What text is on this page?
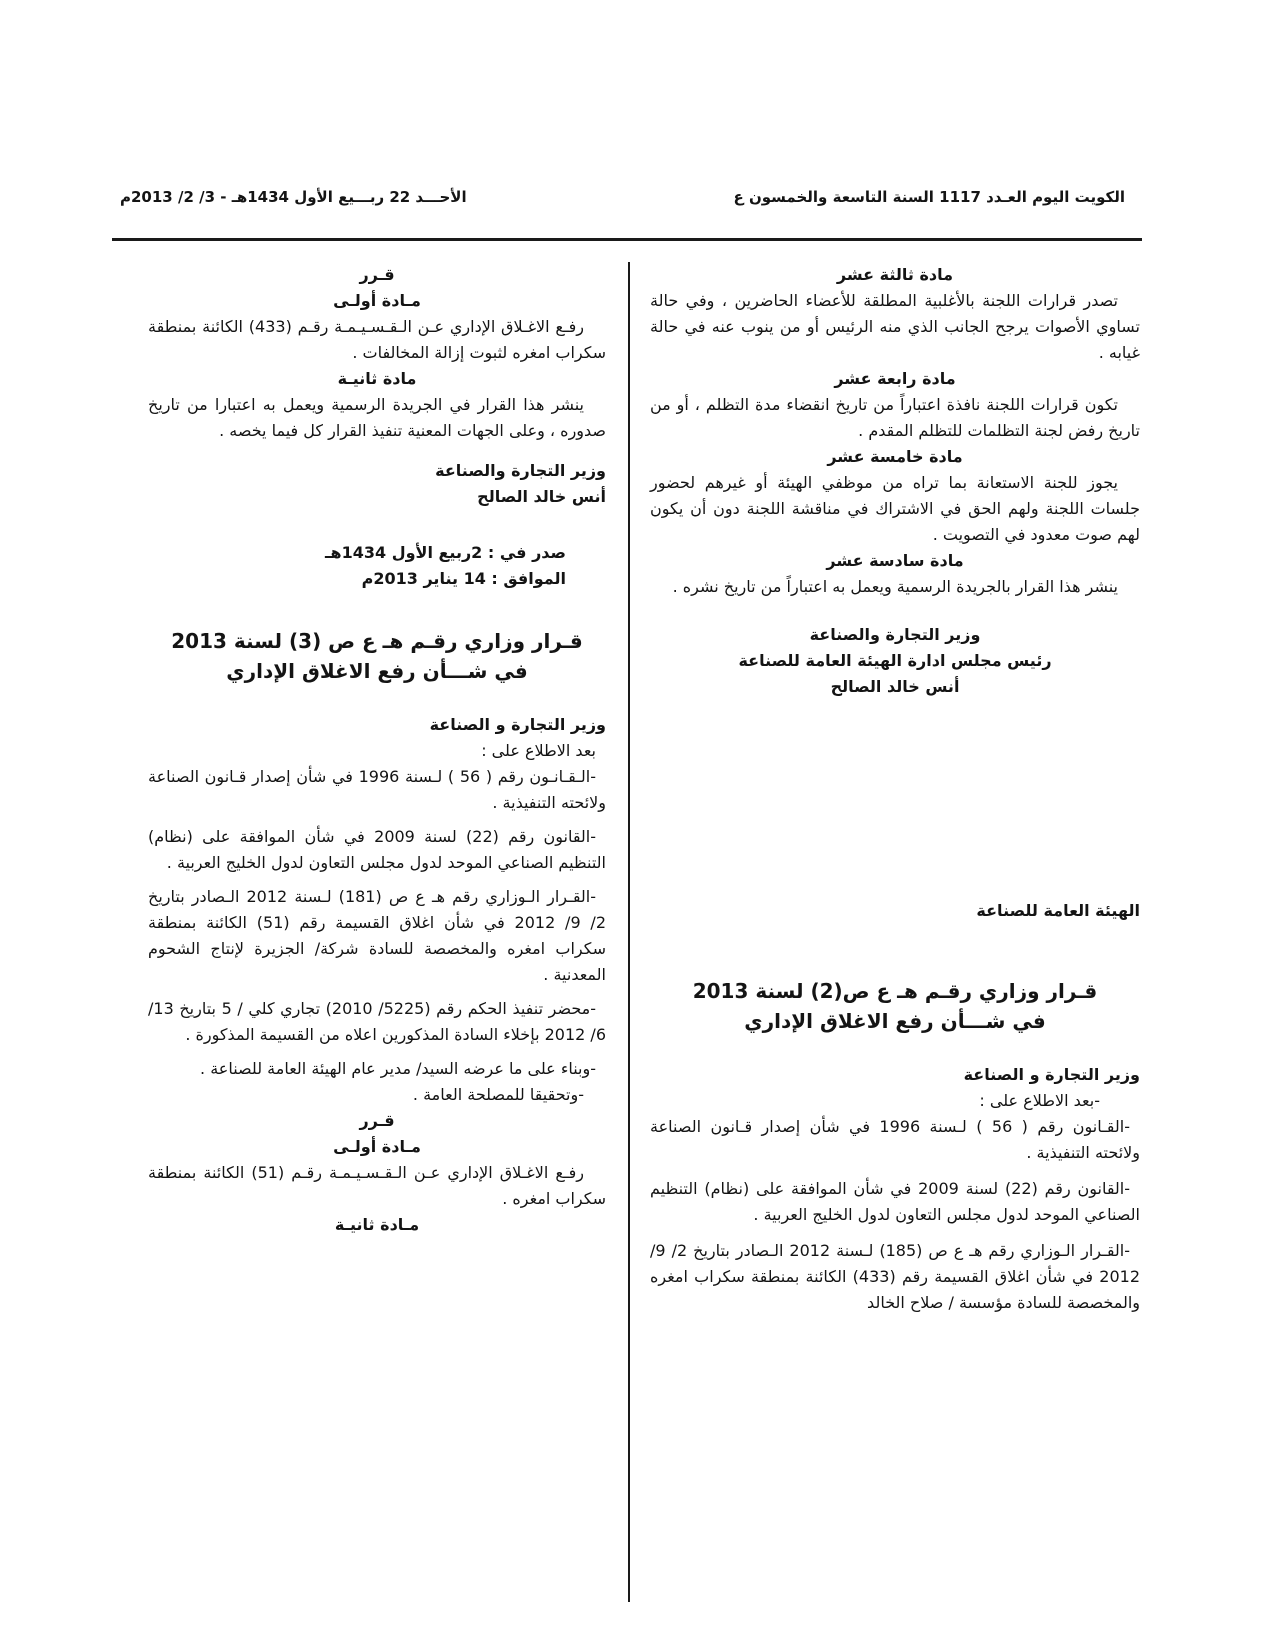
الكويت اليوم العـدد 1117 السنة التاسعة والخمسون ع
الأحـــد 22 ربـــيع الأول 1434هـ - 3/ 2/ 2013م

مادة ثالثة عشر

تصدر قرارات اللجنة بالأغلبية المطلقة للأعضاء الحاضرين ، وفي حالة تساوي الأصوات يرجح الجانب الذي منه الرئيس أو من ينوب عنه في حالة غيابه .

مادة رابعة عشر

تكون قرارات اللجنة نافذة اعتباراً من تاريخ انقضاء مدة التظلم ، أو من تاريخ رفض لجنة التظلمات للتظلم المقدم .

مادة خامسة عشر

يجوز للجنة الاستعانة بما تراه من موظفي الهيئة أو غيرهم لحضور جلسات اللجنة ولهم الحق في الاشتراك في مناقشة اللجنة دون أن يكون لهم صوت معدود في التصويت .

مادة سادسة عشر

ينشر هذا القرار بالجريدة الرسمية ويعمل به اعتباراً من تاريخ نشره .

وزير التجارة والصناعة

رئيس مجلس ادارة الهيئة العامة للصناعة

أنس خالد الصالح

الهيئة العامة للصناعة

قـرار وزاري رقـم هـ ع ص(2) لسنة 2013

في شـــأن رفع الاغلاق الإداري

وزير التجارة و الصناعة

-بعد الاطلاع على :

-القـانون رقم ( 56 ) لـسنة 1996 في شأن إصدار قـانون الصناعة ولائحته التنفيذية .

-القانون رقم (22) لسنة 2009 في شأن الموافقة على (نظام) التنظيم الصناعي الموحد لدول مجلس التعاون لدول الخليج العربية .

-القـرار الـوزاري رقم هـ ع ص (185) لـسنة 2012 الـصادر بتاريخ 2/ 9/ 2012 في شأن اغلاق القسيمة رقم (433) الكائنة بمنطقة سكراب امغره والمخصصة للسادة مؤسسة / صلاح الخالد

قـرر

مـادة أولـى

رفـع الاغـلاق الإداري عـن الـقـسـيـمـة رقـم (433) الكائنة بمنطقة سكراب امغره لثبوت إزالة المخالفات .

مادة ثانيـة

ينشر هذا القرار في الجريدة الرسمية ويعمل به اعتبارا من تاريخ صدوره ، وعلى الجهات المعنية تنفيذ القرار كل فيما يخصه .

وزير التجارة والصناعة

أنس خالد الصالح

صدر في : 2ربيع الأول 1434هـ

الموافق : 14 يناير 2013م

قـرار وزاري رقـم هـ ع ص (3) لسنة 2013

في شـــأن رفع الاغلاق الإداري

وزير التجارة و الصناعة

بعد الاطلاع على :

-الـقـانـون رقم ( 56 ) لـسنة 1996 في شأن إصدار قـانون الصناعة ولائحته التنفيذية .

-القانون رقم (22) لسنة 2009 في شأن الموافقة على (نظام) التنظيم الصناعي الموحد لدول مجلس التعاون لدول الخليج العربية .

-القـرار الـوزاري رقم هـ ع ص (181) لـسنة 2012 الـصادر بتاريخ 2/ 9/ 2012 في شأن اغلاق القسيمة رقم (51) الكائنة بمنطقة سكراب امغره والمخصصة للسادة شركة/ الجزيرة لإنتاج الشحوم المعدنية .

-محضر تنفيذ الحكم رقم (5225/ 2010) تجاري كلي / 5 بتاريخ 13/ 6/ 2012 بإخلاء السادة المذكورين اعلاه من القسيمة المذكورة .

-وبناء على ما عرضه السيد/ مدير عام الهيئة العامة للصناعة .

-وتحقيقا للمصلحة العامة .

قـرر

مـادة أولـى

رفـع الاغـلاق الإداري عـن الـقـسـيـمـة رقـم (51) الكائنة بمنطقة سكراب امغره .

مـادة ثانيـة
